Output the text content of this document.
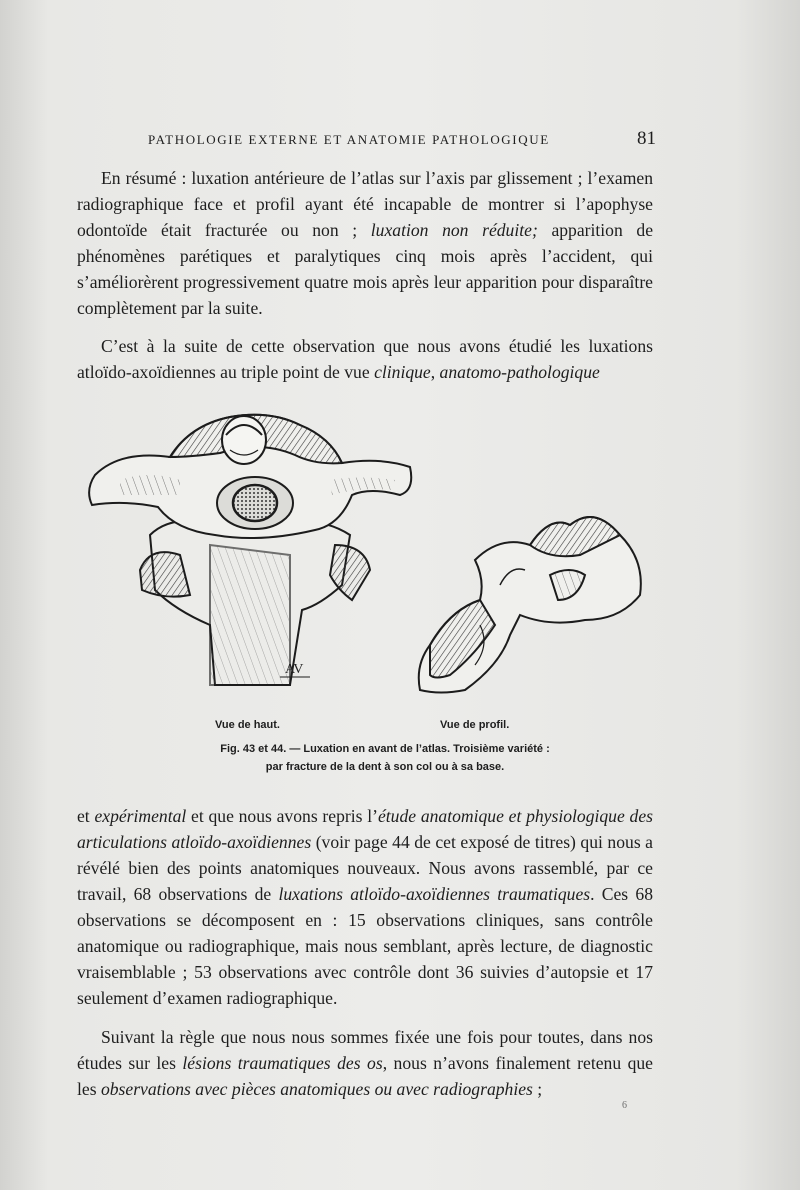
PATHOLOGIE EXTERNE ET ANATOMIE PATHOLOGIQUE	81

En résumé : luxation antérieure de l’atlas sur l’axis par glissement ; l’examen radiographique face et profil ayant été incapable de montrer si l’apophyse odontoïde était fracturée ou non ; luxation non réduite; apparition de phénomènes parétiques et paralytiques cinq mois après l’accident, qui s’améliorèrent progressivement quatre mois après leur apparition pour disparaître complètement par la suite.

C’est à la suite de cette observation que nous avons étudié les luxations atloïdo-axoïdiennes au triple point de vue clinique, anatomo-pathologique

AV
Vue de haut.	Vue de profil.
Fig. 43 et 44. — Luxation en avant de l’atlas. Troisième variété :
par fracture de la dent à son col ou à sa base.

et expérimental et que nous avons repris l’étude anatomique et physiologique des articulations atloïdo-axoïdiennes (voir page 44 de cet exposé de titres) qui nous a révélé bien des points anatomiques nouveaux. Nous avons rassemblé, par ce travail, 68 observations de luxations atloïdo-axoïdiennes traumatiques. Ces 68 observations se décomposent en : 15 observations cliniques, sans contrôle anatomique ou radiographique, mais nous semblant, après lecture, de diagnostic vraisemblable ; 53 observations avec contrôle dont 36 suivies d’autopsie et 17 seulement d’examen radiographique.

Suivant la règle que nous nous sommes fixée une fois pour toutes, dans nos études sur les lésions traumatiques des os, nous n’avons finalement retenu que les observations avec pièces anatomiques ou avec radiographies ;

6
